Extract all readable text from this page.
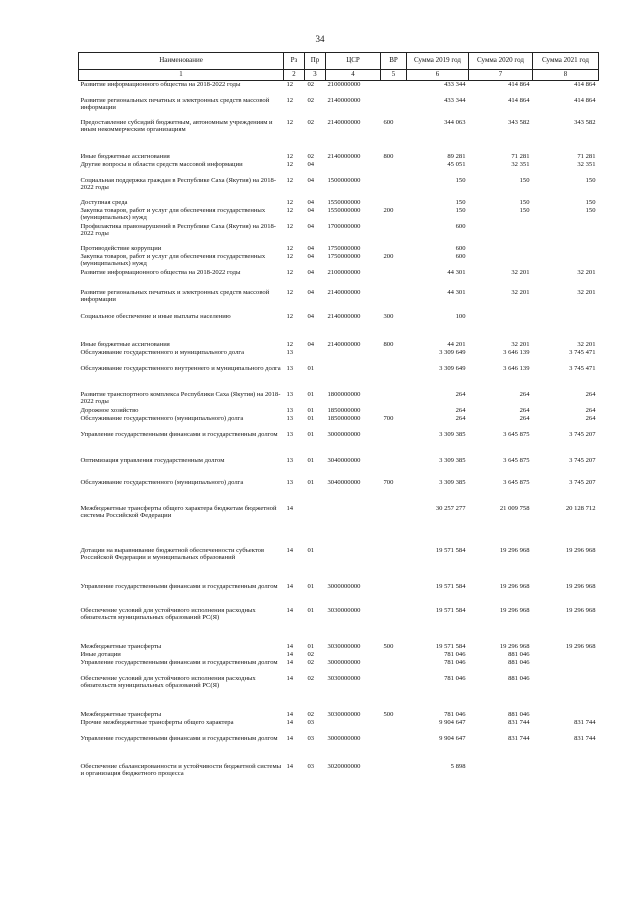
34
Наименование	Рз	Пр	ЦСР	ВР	Сумма 2019 год	Сумма 2020 год	Сумма 2021 год
1	2	3	4	5	6	7	8
Развитие информационного общества на 2018-2022 годы	12	02	2100000000		433 344	414 864	414 864
Развитие региональных печатных и электронных средств массовой информации	12	02	2140000000		433 344	414 864	414 864
Предоставление субсидий бюджетным, автономным учреждениям и иным некоммерческим организациям	12	02	2140000000	600	344 063	343 582	343 582
Иные бюджетные ассигнования	12	02	2140000000	800	89 281	71 281	71 281
Другие вопросы в области средств массовой информации	12	04			45 051	32 351	32 351
Социальная поддержка граждан в Республике Саха (Якутия) на 2018-2022 годы	12	04	1500000000		150	150	150
Доступная среда	12	04	1550000000		150	150	150
Закупка товаров, работ и услуг для обеспечения государственных (муниципальных) нужд	12	04	1550000000	200	150	150	150
Профилактика правонарушений в Республике Саха (Якутия) на 2018-2022 годы	12	04	1700000000		600		
Противодействие коррупции	12	04	1750000000		600		
Закупка товаров, работ и услуг для обеспечения государственных (муниципальных) нужд	12	04	1750000000	200	600		
Развитие информационного общества на 2018-2022 годы	12	04	2100000000		44 301	32 201	32 201
Развитие региональных печатных и электронных средств массовой информации	12	04	2140000000		44 301	32 201	32 201
Социальное обеспечение и иные выплаты населению	12	04	2140000000	300	100		
Иные бюджетные ассигнования	12	04	2140000000	800	44 201	32 201	32 201
Обслуживание государственного и муниципального долга	13				3 309 649	3 646 139	3 745 471
Обслуживание государственного внутреннего и муниципального долга	13	01			3 309 649	3 646 139	3 745 471
Развитие транспортного комплекса Республики Саха (Якутия) на 2018-2022 годы	13	01	1800000000		264	264	264
Дорожное хозяйство	13	01	1850000000		264	264	264
Обслуживание государственного (муниципального) долга	13	01	1850000000	700	264	264	264
Управление государственными финансами и государственным долгом	13	01	3000000000		3 309 385	3 645 875	3 745 207
Оптимизация управления государственным долгом	13	01	3040000000		3 309 385	3 645 875	3 745 207
Обслуживание государственного (муниципального) долга	13	01	3040000000	700	3 309 385	3 645 875	3 745 207
Межбюджетные трансферты общего характера бюджетам бюджетной системы Российской Федерации	14				30 257 277	21 009 758	20 128 712
Дотации на выравнивание бюджетной обеспеченности субъектов Российской Федерации и муниципальных образований	14	01			19 571 584	19 296 968	19 296 968
Управление государственными финансами и государственным долгом	14	01	3000000000		19 571 584	19 296 968	19 296 968
Обеспечение условий для устойчивого исполнения расходных обязательств муниципальных образований РС(Я)	14	01	3030000000		19 571 584	19 296 968	19 296 968
Межбюджетные трансферты	14	01	3030000000	500	19 571 584	19 296 968	19 296 968
Иные дотации	14	02			781 046	881 046	
Управление государственными финансами и государственным долгом	14	02	3000000000		781 046	881 046	
Обеспечение условий для устойчивого исполнения расходных обязательств муниципальных образований РС(Я)	14	02	3030000000		781 046	881 046	
Межбюджетные трансферты	14	02	3030000000	500	781 046	881 046	
Прочие межбюджетные трансферты общего характера	14	03			9 904 647	831 744	831 744
Управление государственными финансами и государственным долгом	14	03	3000000000		9 904 647	831 744	831 744
Обеспечение сбалансированности и устойчивости бюджетной системы и организация бюджетного процесса	14	03	3020000000		5 898		
